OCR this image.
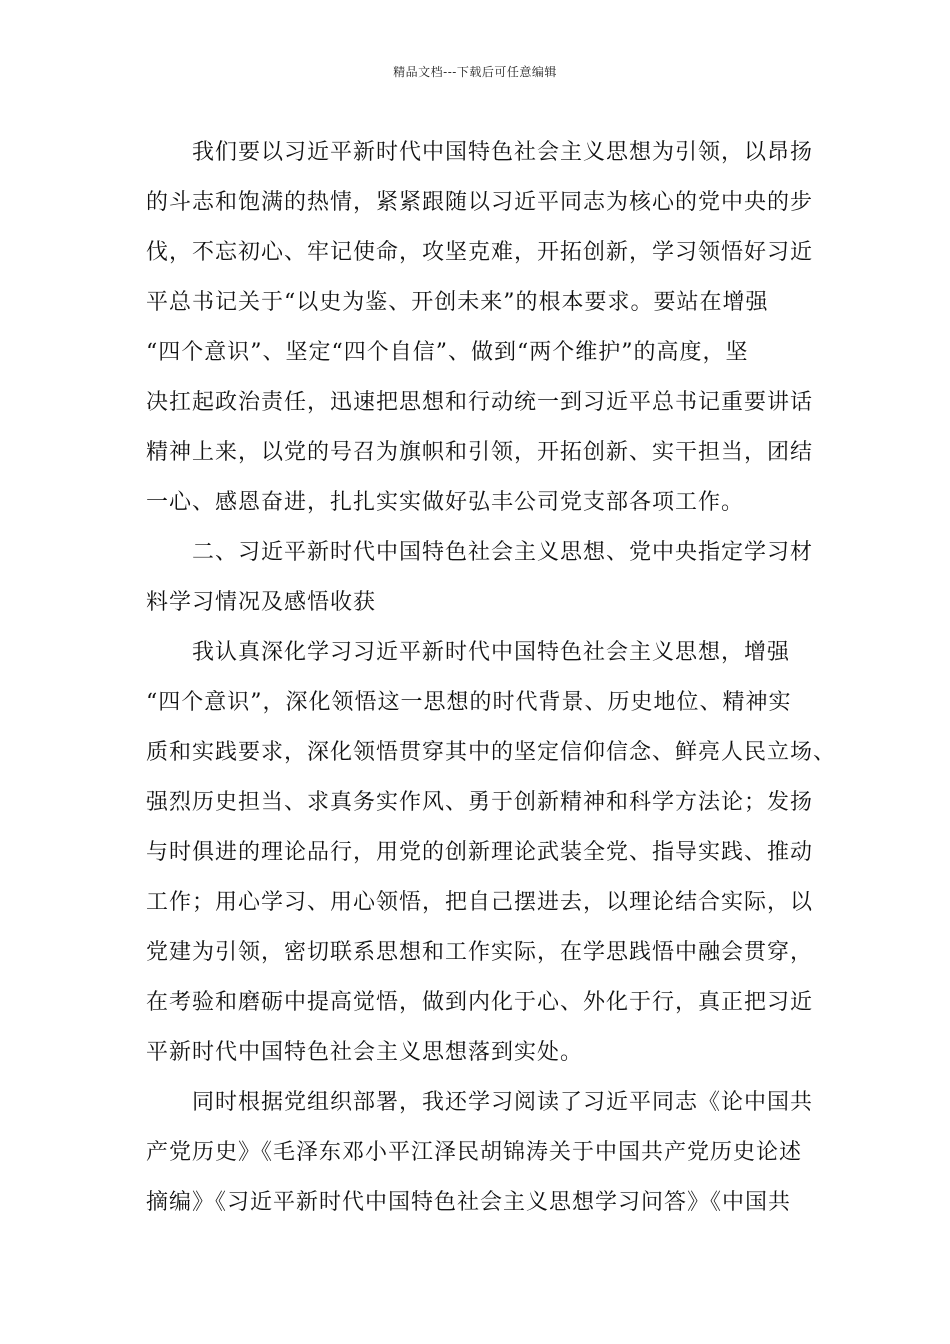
精品文档---下载后可任意编辑
我们要以习近平新时代中国特色社会主义思想为引领，以昂扬
的斗志和饱满的热情，紧紧跟随以习近平同志为核心的党中央的步
伐，不忘初心、牢记使命，攻坚克难，开拓创新，学习领悟好习近
平总书记关于“以史为鉴、开创未来”的根本要求。要站在增强
“四个意识”、坚定“四个自信”、做到“两个维护”的高度，坚
决扛起政治责任，迅速把思想和行动统一到习近平总书记重要讲话
精神上来，以党的号召为旗帜和引领，开拓创新、实干担当，团结
一心、感恩奋进，扎扎实实做好弘丰公司党支部各项工作。
二、习近平新时代中国特色社会主义思想、党中央指定学习材
料学习情况及感悟收获
我认真深化学习习近平新时代中国特色社会主义思想，增强
“四个意识”，深化领悟这一思想的时代背景、历史地位、精神实
质和实践要求，深化领悟贯穿其中的坚定信仰信念、鲜亮人民立场、
强烈历史担当、求真务实作风、勇于创新精神和科学方法论；发扬
与时俱进的理论品行，用党的创新理论武装全党、指导实践、推动
工作；用心学习、用心领悟，把自己摆进去，以理论结合实际，以
党建为引领，密切联系思想和工作实际，在学思践悟中融会贯穿，
在考验和磨砺中提高觉悟，做到内化于心、外化于行，真正把习近
平新时代中国特色社会主义思想落到实处。
同时根据党组织部署，我还学习阅读了习近平同志《论中国共
产党历史》《毛泽东邓小平江泽民胡锦涛关于中国共产党历史论述
摘编》《习近平新时代中国特色社会主义思想学习问答》《中国共
